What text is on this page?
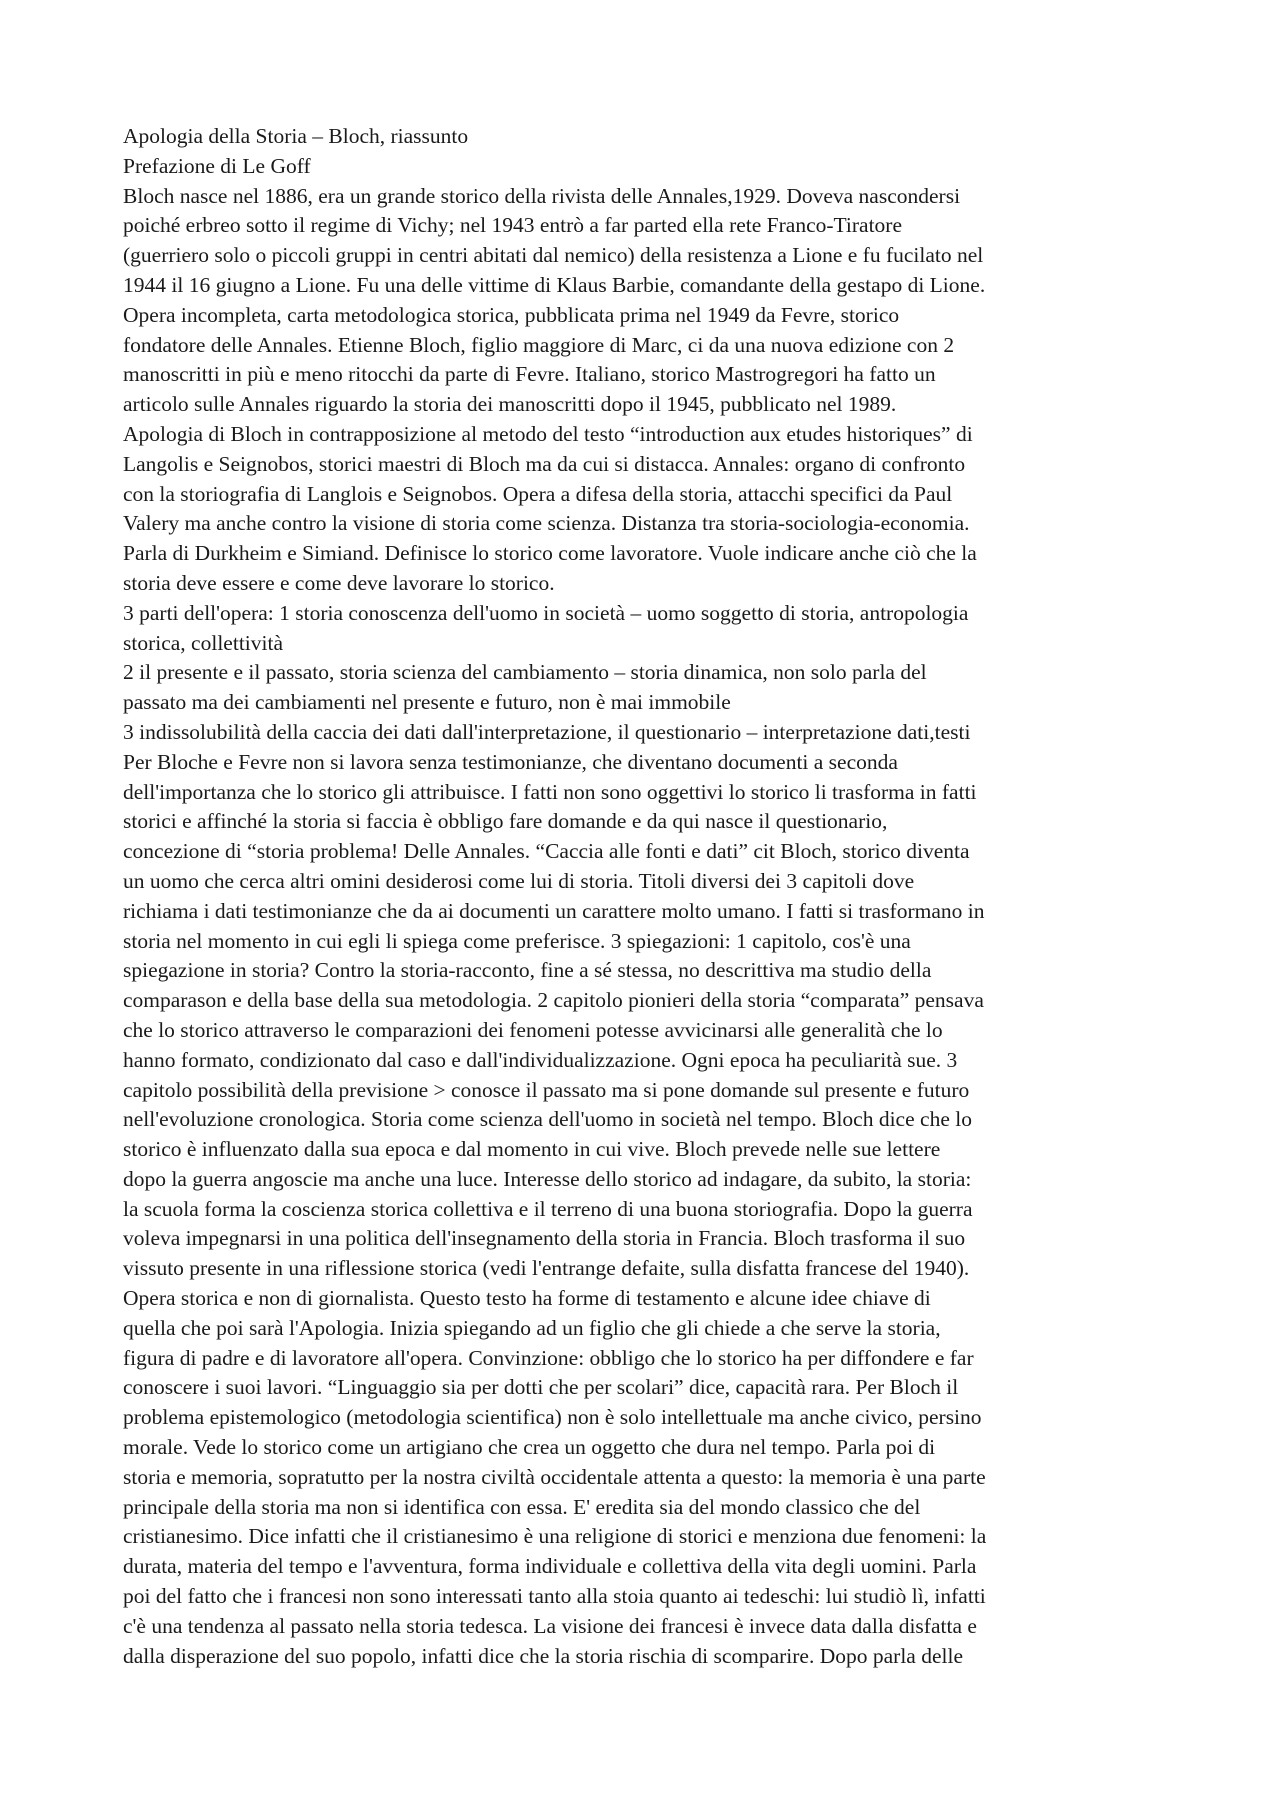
Apologia della Storia – Bloch, riassunto
Prefazione di Le Goff
Bloch nasce nel 1886, era un grande storico della rivista delle Annales,1929. Doveva nascondersi
poiché erbreo sotto il regime di Vichy; nel 1943 entrò a far parted ella rete Franco-Tiratore
(guerriero solo o piccoli gruppi in centri abitati dal nemico) della resistenza a Lione e fu fucilato nel
1944 il 16 giugno a Lione. Fu una delle vittime di Klaus Barbie, comandante della gestapo di Lione.
Opera incompleta, carta metodologica storica, pubblicata prima nel 1949 da Fevre, storico
fondatore delle Annales. Etienne Bloch, figlio maggiore di Marc, ci da una nuova edizione con 2
manoscritti in più e meno ritocchi da parte di Fevre. Italiano, storico Mastrogregori ha fatto un
articolo sulle Annales riguardo la storia dei manoscritti dopo il 1945, pubblicato nel 1989.
Apologia di Bloch in contrapposizione al metodo del testo “introduction aux etudes historiques” di
Langolis e Seignobos, storici maestri di Bloch ma da cui si distacca. Annales: organo di confronto
con la storiografia di Langlois e Seignobos. Opera a difesa della storia, attacchi specifici da Paul
Valery ma anche contro la visione di storia come scienza. Distanza tra storia-sociologia-economia.
Parla di Durkheim e Simiand. Definisce lo storico come lavoratore. Vuole indicare anche ciò che la
storia deve essere e come deve lavorare lo storico.
3 parti dell'opera: 1 storia conoscenza dell'uomo in società – uomo soggetto di storia, antropologia
storica, collettività
2 il presente e il passato, storia scienza del cambiamento – storia dinamica, non solo parla del
passato ma dei cambiamenti nel presente e futuro, non è mai immobile
3 indissolubilità della caccia dei dati dall'interpretazione, il questionario – interpretazione dati,testi
Per Bloche e Fevre non si lavora senza testimonianze, che diventano documenti a seconda
dell'importanza che lo storico gli attribuisce. I fatti non sono oggettivi lo storico li trasforma in fatti
storici e affinché la storia si faccia è obbligo fare domande e da qui nasce il questionario,
concezione di “storia problema! Delle Annales. “Caccia alle fonti e dati” cit Bloch, storico diventa
un uomo che cerca altri omini desiderosi come lui di storia. Titoli diversi dei 3 capitoli dove
richiama i dati testimonianze che da ai documenti un carattere molto umano. I fatti si trasformano in
storia nel momento in cui egli li spiega come preferisce. 3 spiegazioni: 1 capitolo, cos'è una
spiegazione in storia? Contro la storia-racconto, fine a sé stessa, no descrittiva ma studio della
comparason e della base della sua metodologia. 2 capitolo pionieri della storia “comparata” pensava
che lo storico attraverso le comparazioni dei fenomeni potesse avvicinarsi alle generalità che lo
hanno formato, condizionato dal caso e dall'individualizzazione. Ogni epoca ha peculiarità sue. 3
capitolo possibilità della previsione > conosce il passato ma si pone domande sul presente e futuro
nell'evoluzione cronologica. Storia come scienza dell'uomo in società nel tempo. Bloch dice che lo
storico è influenzato dalla sua epoca e dal momento in cui vive. Bloch prevede nelle sue lettere
dopo la guerra angoscie ma anche una luce. Interesse dello storico ad indagare, da subito, la storia:
la scuola forma la coscienza storica collettiva e il terreno di una buona storiografia. Dopo la guerra
voleva impegnarsi in una politica dell'insegnamento della storia in Francia. Bloch trasforma il suo
vissuto presente in una riflessione storica (vedi l'entrange defaite, sulla disfatta francese del 1940).
Opera storica e non di giornalista. Questo testo ha forme di testamento e alcune idee chiave di
quella che poi sarà l'Apologia. Inizia spiegando ad un figlio che gli chiede a che serve la storia,
figura di padre e di lavoratore all'opera. Convinzione: obbligo che lo storico ha per diffondere e far
conoscere i suoi lavori. “Linguaggio sia per dotti che per scolari” dice, capacità rara. Per Bloch il
problema epistemologico (metodologia scientifica) non è solo intellettuale ma anche civico, persino
morale. Vede lo storico come un artigiano che crea un oggetto che dura nel tempo. Parla poi di
storia e memoria, sopratutto per la nostra civiltà occidentale attenta a questo: la memoria è una parte
principale della storia ma non si identifica con essa. E' eredita sia del mondo classico che del
cristianesimo. Dice infatti che il cristianesimo è una religione di storici e menziona due fenomeni: la
durata, materia del tempo e l'avventura, forma individuale e collettiva della vita degli uomini. Parla
poi del fatto che i francesi non sono interessati tanto alla stoia quanto ai tedeschi: lui studiò lì, infatti
c'è una tendenza al passato nella storia tedesca. La visione dei francesi è invece data dalla disfatta e
dalla disperazione del suo popolo, infatti dice che la storia rischia di scomparire. Dopo parla delle
